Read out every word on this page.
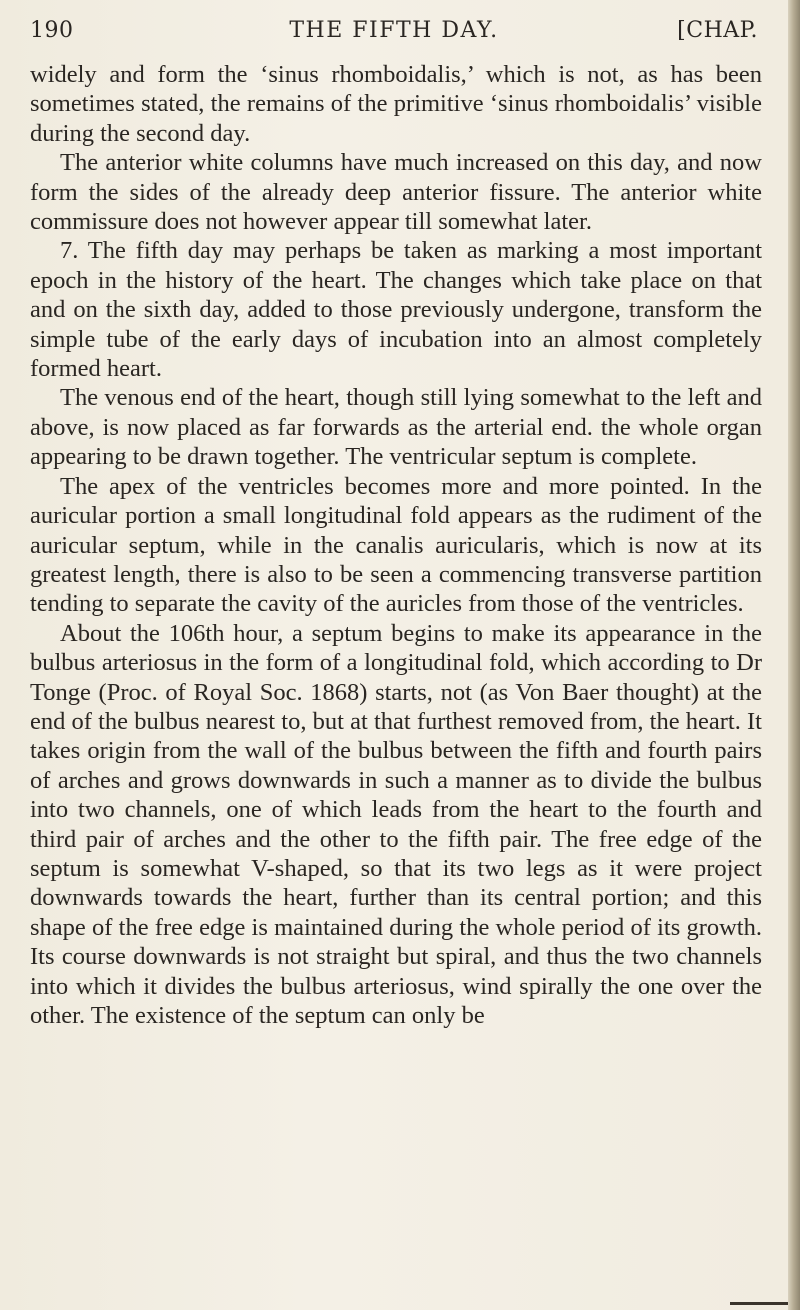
190	THE FIFTH DAY.	[CHAP.

widely and form the ‘sinus rhomboidalis,’ which is not, as has been sometimes stated, the remains of the primitive ‘sinus rhomboidalis’ visible during the second day.

The anterior white columns have much increased on this day, and now form the sides of the already deep anterior fissure. The anterior white commissure does not however appear till somewhat later.

7. The fifth day may perhaps be taken as marking a most important epoch in the history of the heart. The changes which take place on that and on the sixth day, added to those previously undergone, transform the simple tube of the early days of incubation into an almost completely formed heart.

The venous end of the heart, though still lying somewhat to the left and above, is now placed as far forwards as the arterial end. the whole organ appearing to be drawn together. The ventricular septum is complete.

The apex of the ventricles becomes more and more pointed. In the auricular portion a small longitudinal fold appears as the rudiment of the auricular septum, while in the canalis auricularis, which is now at its greatest length, there is also to be seen a commencing transverse partition tending to separate the cavity of the auricles from those of the ventricles.

About the 106th hour, a septum begins to make its appearance in the bulbus arteriosus in the form of a longitudinal fold, which according to Dr Tonge (Proc. of Royal Soc. 1868) starts, not (as Von Baer thought) at the end of the bulbus nearest to, but at that furthest removed from, the heart. It takes origin from the wall of the bulbus between the fifth and fourth pairs of arches and grows downwards in such a manner as to divide the bulbus into two channels, one of which leads from the heart to the fourth and third pair of arches and the other to the fifth pair. The free edge of the septum is somewhat V-shaped, so that its two legs as it were project downwards towards the heart, further than its central portion; and this shape of the free edge is maintained during the whole period of its growth. Its course downwards is not straight but spiral, and thus the two channels into which it divides the bulbus arteriosus, wind spirally the one over the other. The existence of the septum can only be
